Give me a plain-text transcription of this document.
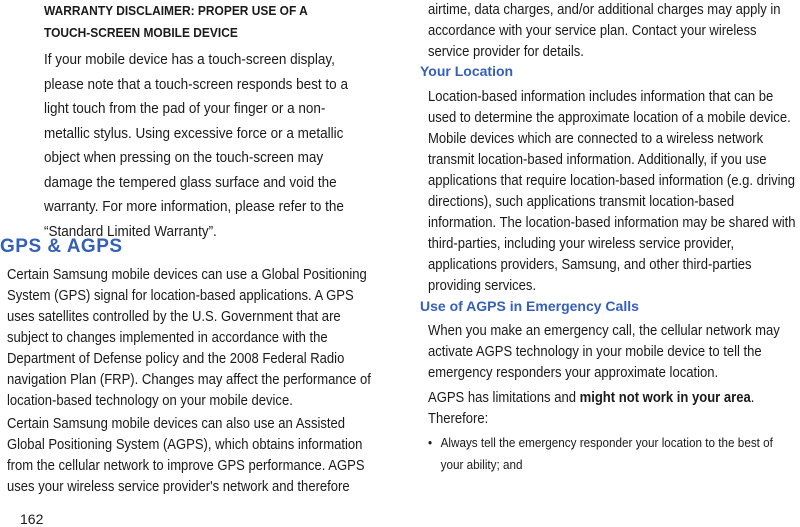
WARRANTY DISCLAIMER: PROPER USE OF A TOUCH-SCREEN MOBILE DEVICE
If your mobile device has a touch-screen display, please note that a touch-screen responds best to a light touch from the pad of your finger or a non-metallic stylus. Using excessive force or a metallic object when pressing on the touch-screen may damage the tempered glass surface and void the warranty. For more information, please refer to the “Standard Limited Warranty”.
GPS & AGPS
Certain Samsung mobile devices can use a Global Positioning System (GPS) signal for location-based applications. A GPS uses satellites controlled by the U.S. Government that are subject to changes implemented in accordance with the Department of Defense policy and the 2008 Federal Radio navigation Plan (FRP). Changes may affect the performance of location-based technology on your mobile device.
Certain Samsung mobile devices can also use an Assisted Global Positioning System (AGPS), which obtains information from the cellular network to improve GPS performance. AGPS uses your wireless service provider's network and therefore
162
airtime, data charges, and/or additional charges may apply in accordance with your service plan. Contact your wireless service provider for details.
Your Location
Location-based information includes information that can be used to determine the approximate location of a mobile device. Mobile devices which are connected to a wireless network transmit location-based information. Additionally, if you use applications that require location-based information (e.g. driving directions), such applications transmit location-based information. The location-based information may be shared with third-parties, including your wireless service provider, applications providers, Samsung, and other third-parties providing services.
Use of AGPS in Emergency Calls
When you make an emergency call, the cellular network may activate AGPS technology in your mobile device to tell the emergency responders your approximate location.
AGPS has limitations and might not work in your area. Therefore:
• Always tell the emergency responder your location to the best of your ability; and
